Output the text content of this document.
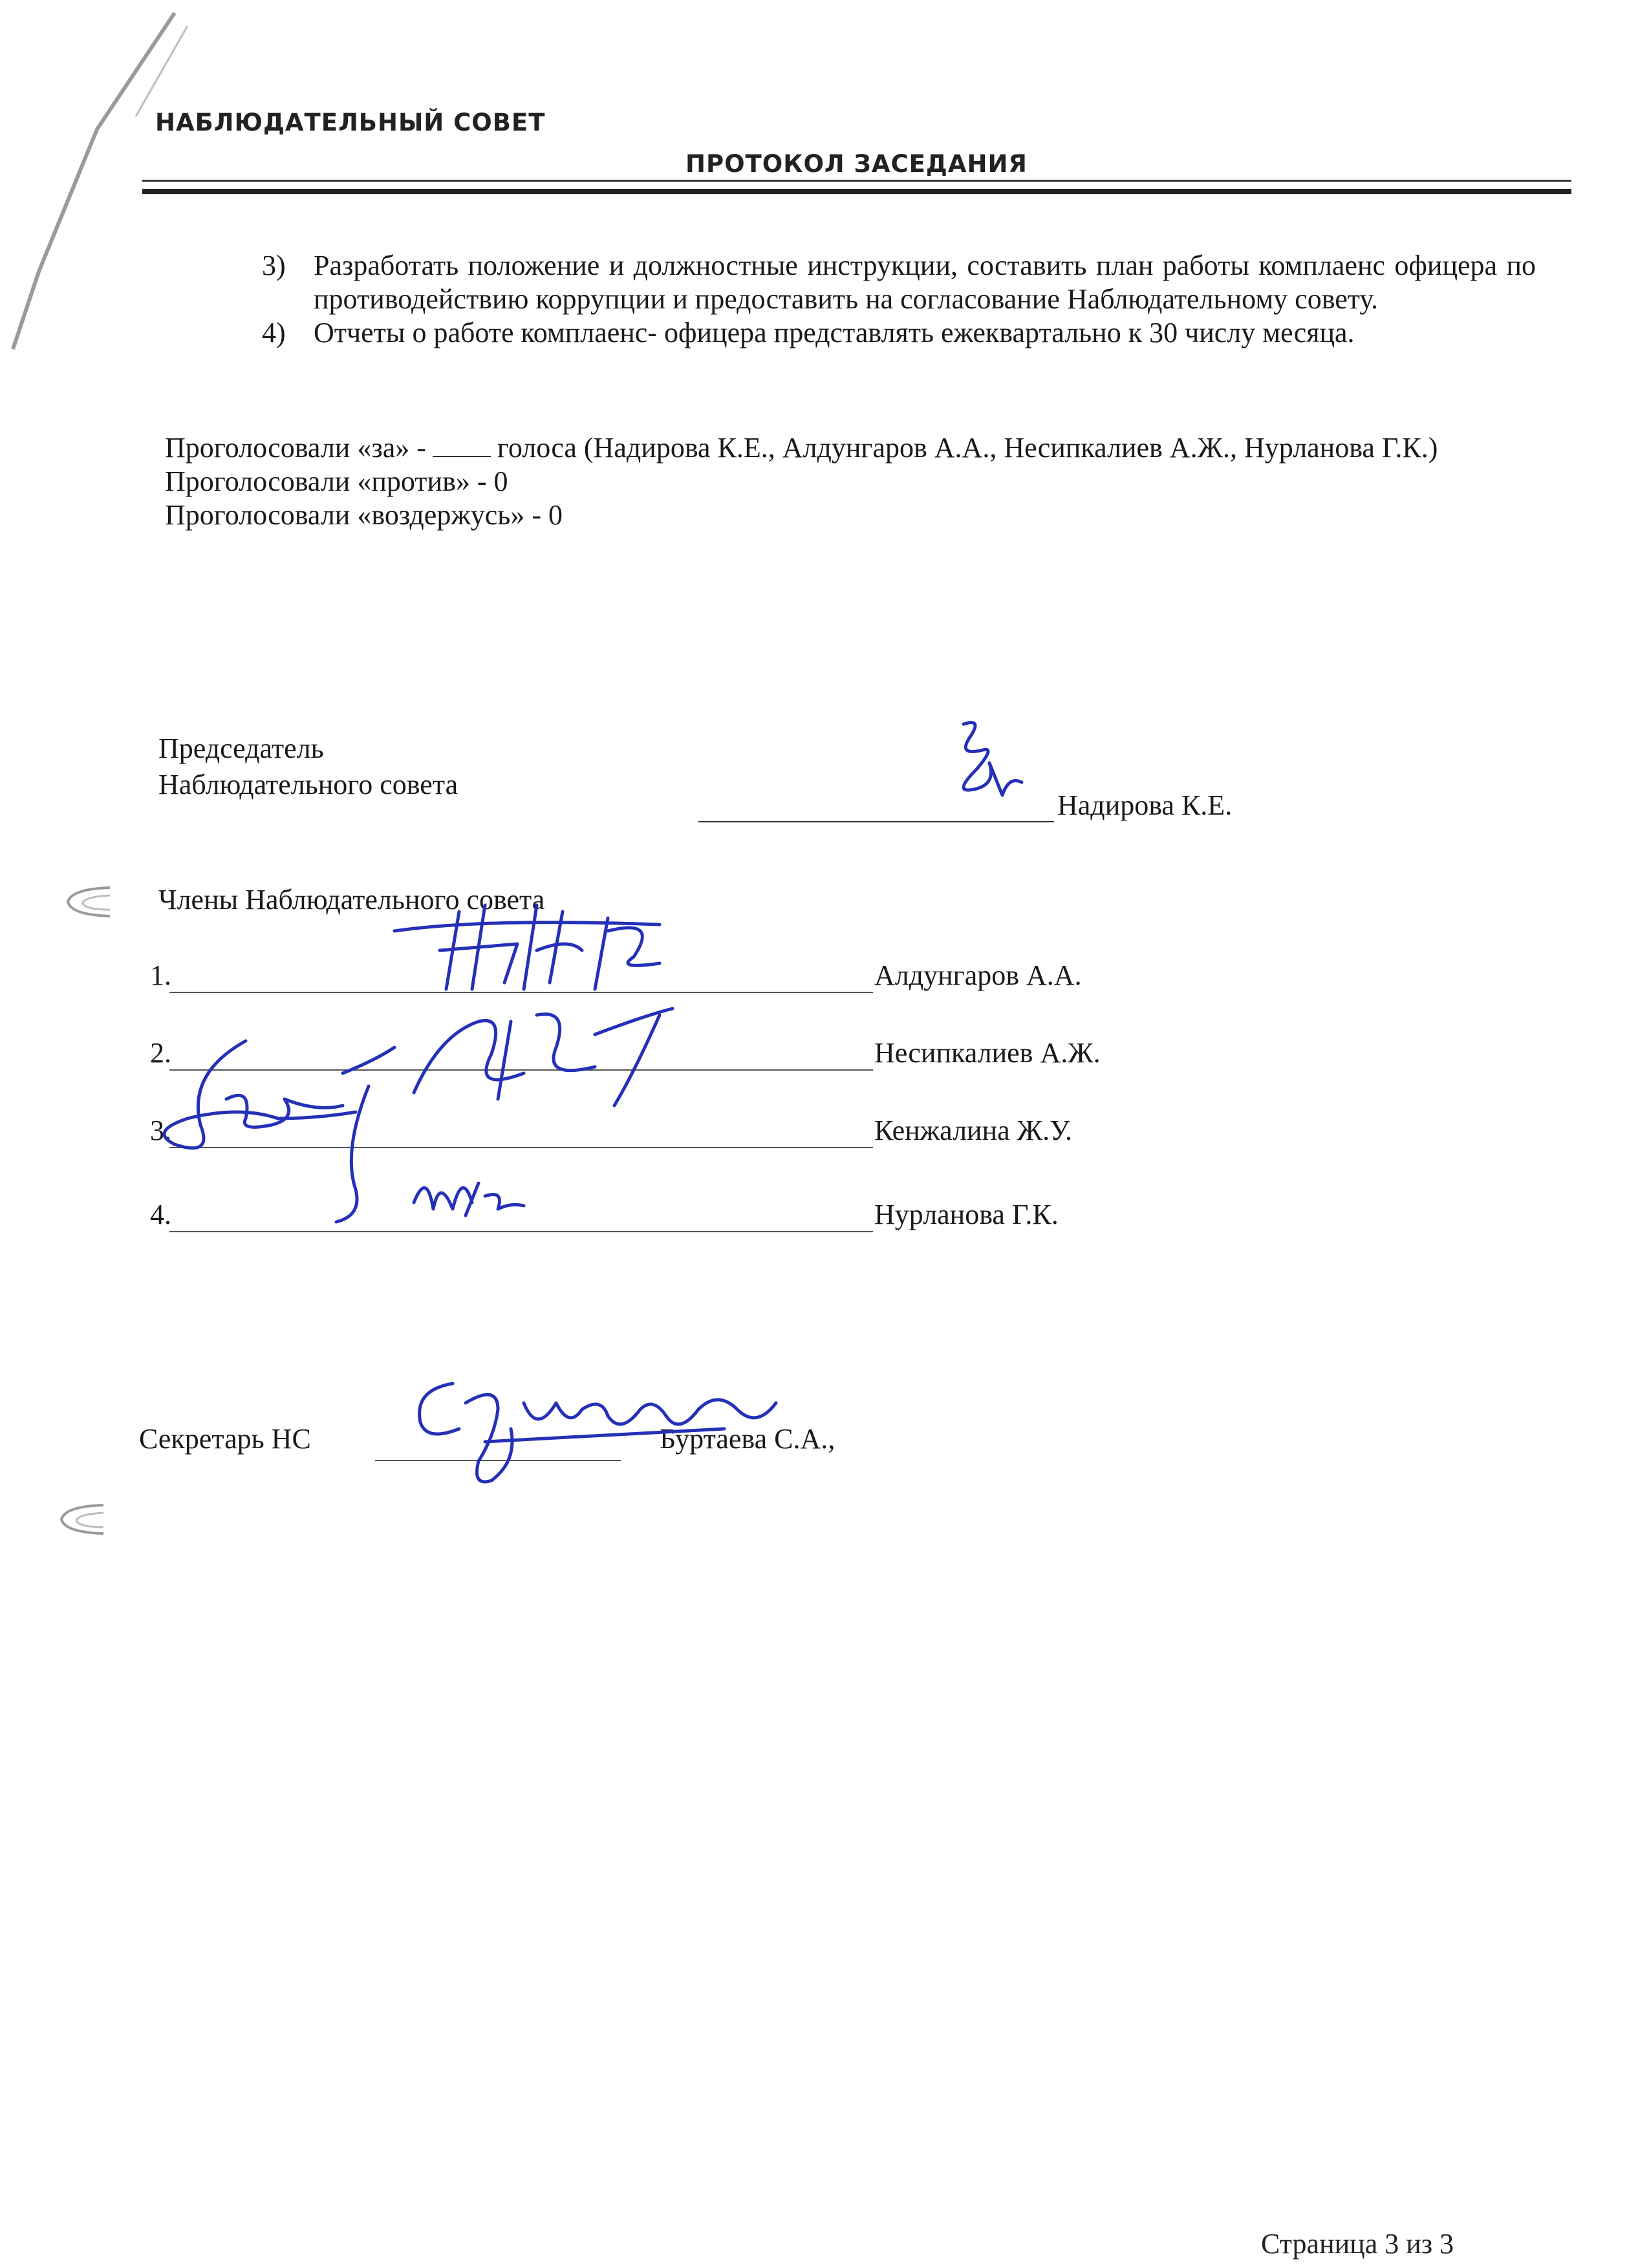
НАБЛЮДАТЕЛЬНЫЙ СОВЕТ
ПРОТОКОЛ ЗАСЕДАНИЯ
3) Разработать положение и должностные инструкции, составить план работы комплаенс офицера по противодействию коррупции и предоставить на согласование Наблюдательному совету.
4) Отчеты о работе комплаенс- офицера представлять ежеквартально к 30 числу месяца.

Проголосовали «за» -	голоса (Надирова К.Е., Алдунгаров А.А., Несипкалиев А.Ж., Нурланова Г.К.)

Проголосовали «против» - 0

Проголосовали «воздержусь» - 0

Председатель
Наблюдательного совета
Надирова К.Е.
Члены Наблюдательного совета
1.	Алдунгаров А.А.
2.	Несипкалиев А.Ж.
3.	Кенжалина Ж.У.
4.	Нурланова Г.К.
Секретарь НС	Буртаева С.А.,
Страница 3 из 3
